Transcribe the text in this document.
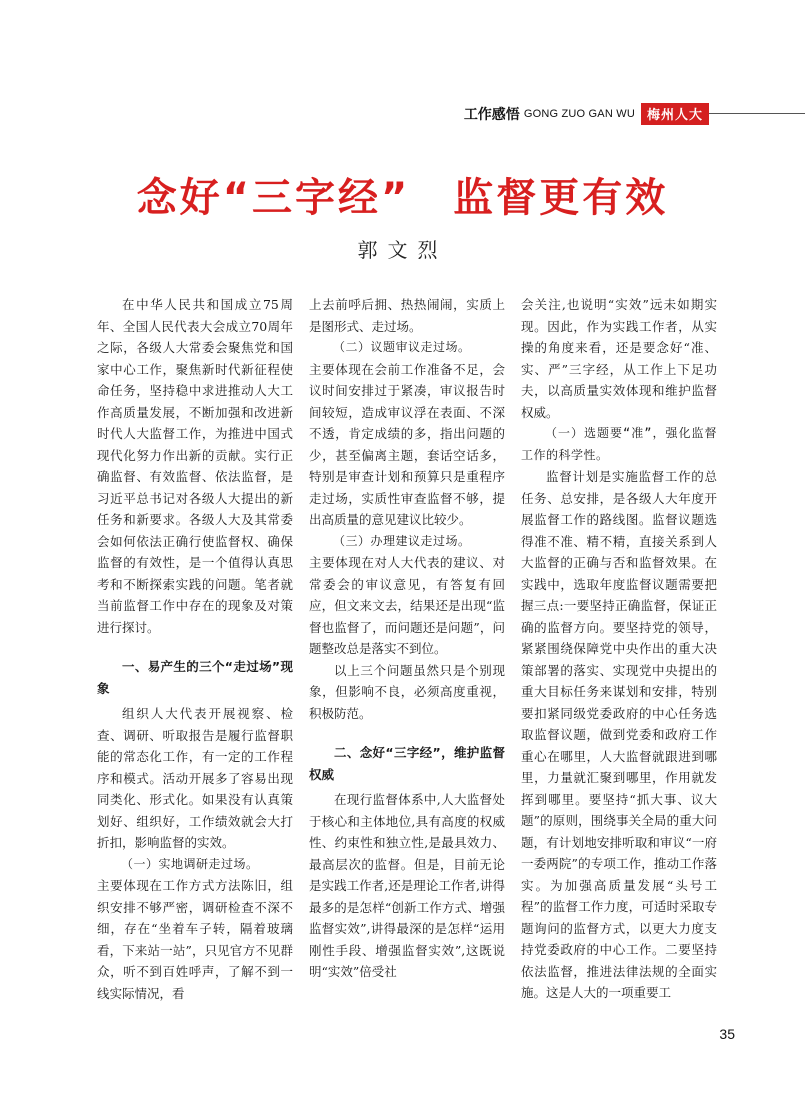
工作感悟 GONG ZUO GAN WU 梅州人大
念好“三字经”　监督更有效
郭文烈

在中华人民共和国成立75周年、全国人民代表大会成立70周年之际，各级人大常委会聚焦党和国家中心工作，聚焦新时代新征程使命任务，坚持稳中求进推动人大工作高质量发展，不断加强和改进新时代人大监督工作，为推进中国式现代化努力作出新的贡献。实行正确监督、有效监督、依法监督，是习近平总书记对各级人大提出的新任务和新要求。各级人大及其常委会如何依法正确行使监督权、确保监督的有效性，是一个值得认真思考和不断探索实践的问题。笔者就当前监督工作中存在的现象及对策进行探讨。

一、易产生的三个“走过场”现象

组织人大代表开展视察、检查、调研、听取报告是履行监督职能的常态化工作，有一定的工作程序和模式。活动开展多了容易出现同类化、形式化。如果没有认真策划好、组织好，工作绩效就会大打折扣，影响监督的实效。

（一）实地调研走过场。

主要体现在工作方式方法陈旧，组织安排不够严密，调研检查不深不细，存在“坐着车子转，隔着玻璃看，下来站一站”，只见官方不见群众，听不到百姓呼声，了解不到一线实际情况，看

上去前呼后拥、热热闹闹，实质上是图形式、走过场。

（二）议题审议走过场。

主要体现在会前工作准备不足，会议时间安排过于紧凑，审议报告时间较短，造成审议浮在表面、不深不透，肯定成绩的多，指出问题的少，甚至偏离主题，套话空话多，特别是审查计划和预算只是重程序走过场，实质性审查监督不够，提出高质量的意见建议比较少。

（三）办理建议走过场。

主要体现在对人大代表的建议、对常委会的审议意见，有答复有回应，但文来文去，结果还是出现“监督也监督了，而问题还是问题”，问题整改总是落实不到位。

以上三个问题虽然只是个别现象，但影响不良，必须高度重视，积极防范。

二、念好“三字经”，维护监督权威

在现行监督体系中,人大监督处于核心和主体地位,具有高度的权威性、约束性和独立性,是最具效力、最高层次的监督。但是，目前无论是实践工作者,还是理论工作者,讲得最多的是怎样“创新工作方式、增强监督实效”,讲得最深的是怎样“运用刚性手段、增强监督实效”,这既说明“实效”倍受社

会关注,也说明“实效”远未如期实现。因此，作为实践工作者，从实操的角度来看，还是要念好“准、实、严”三字经，从工作上下足功夫，以高质量实效体现和维护监督权威。

（一）选题要“准”，强化监督工作的科学性。

监督计划是实施监督工作的总任务、总安排，是各级人大年度开展监督工作的路线图。监督议题选得准不准、精不精，直接关系到人大监督的正确与否和监督效果。在实践中，选取年度监督议题需要把握三点:一要坚持正确监督，保证正确的监督方向。要坚持党的领导，紧紧围绕保障党中央作出的重大决策部署的落实、实现党中央提出的重大目标任务来谋划和安排，特别要扣紧同级党委政府的中心任务选取监督议题，做到党委和政府工作重心在哪里，人大监督就跟进到哪里，力量就汇聚到哪里，作用就发挥到哪里。要坚持“抓大事、议大题”的原则，围绕事关全局的重大问题，有计划地安排听取和审议“一府一委两院”的专项工作，推动工作落实。为加强高质量发展“头号工程”的监督工作力度，可适时采取专题询问的监督方式，以更大力度支持党委政府的中心工作。二要坚持依法监督，推进法律法规的全面实施。这是人大的一项重要工

35
